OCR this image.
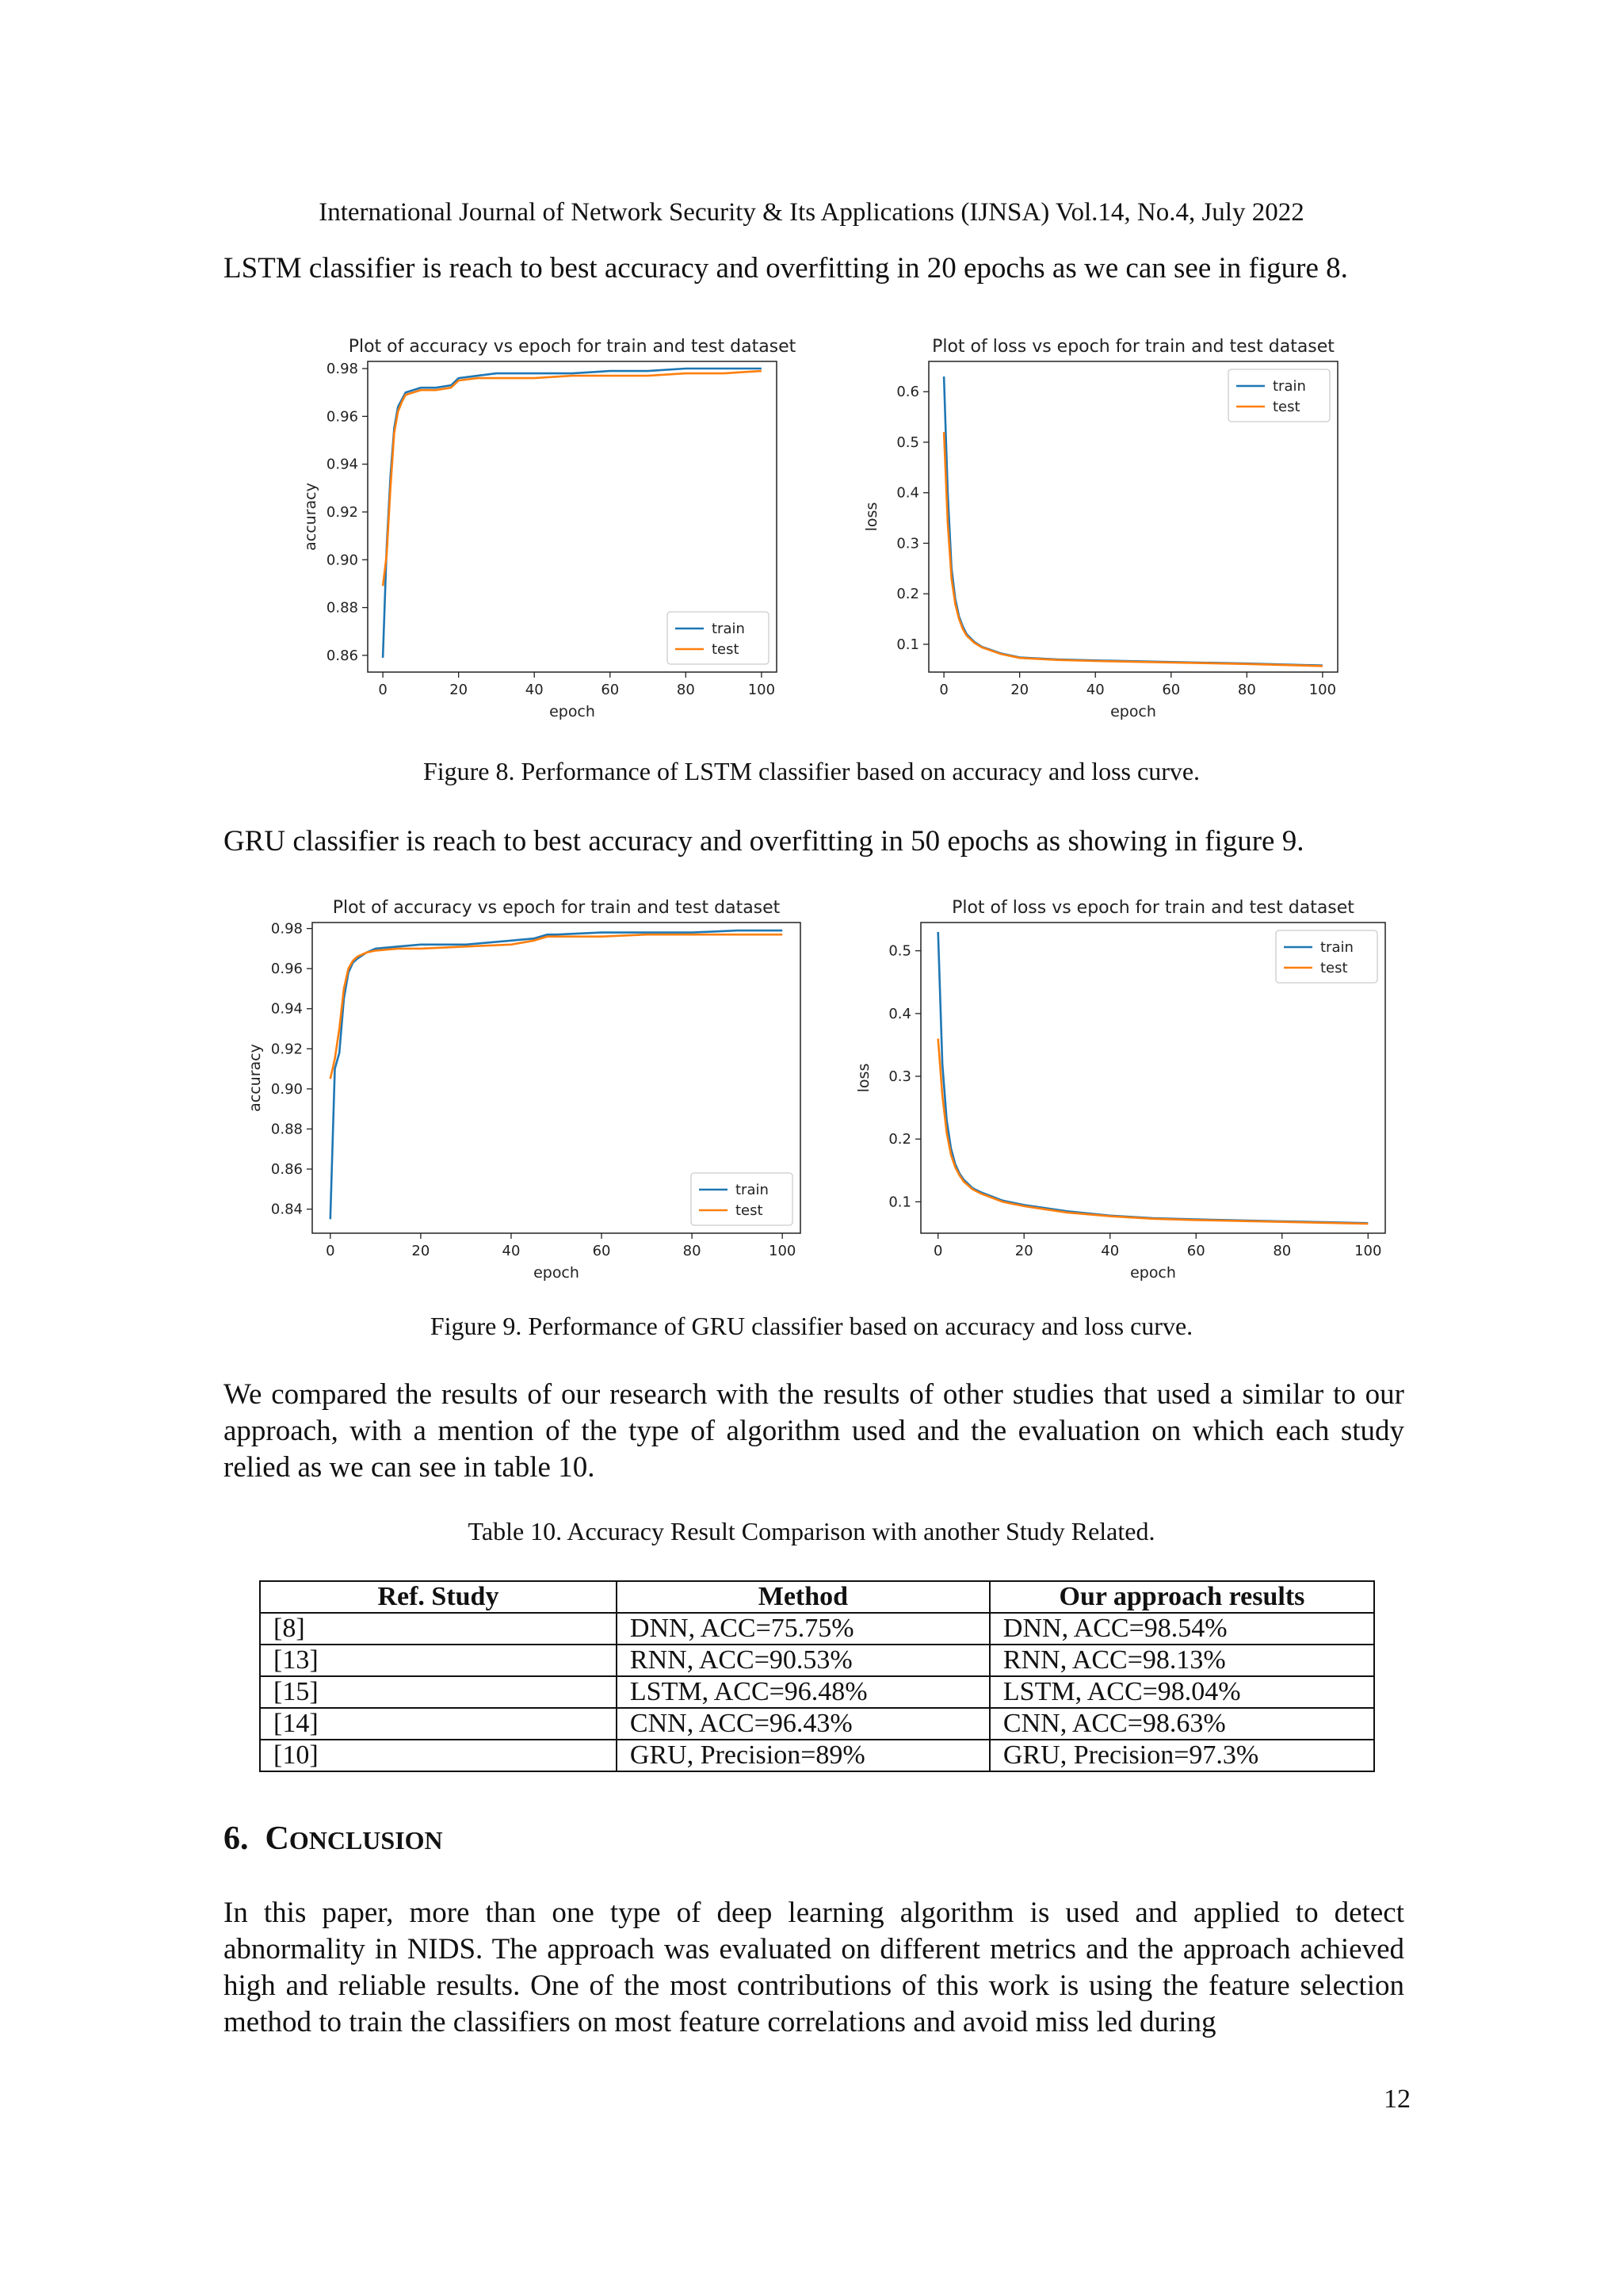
International Journal of Network Security & Its Applications (IJNSA) Vol.14, No.4, July 2022
LSTM classifier is reach to best accuracy and overfitting in 20 epochs as we can see in figure 8.
Plot of accuracy vs epoch for train and test dataset
0	20	40	60	80	100
0.86
0.88
0.90
0.92
0.94
0.96
0.98
epoch
accuracy
train
test
Plot of loss vs epoch for train and test dataset
0	20	40	60	80	100
0.1
0.2
0.3
0.4
0.5
0.6
epoch
loss
train
test
Figure 8. Performance of LSTM classifier based on accuracy and loss curve.
GRU classifier is reach to best accuracy and overfitting in 50 epochs as showing in figure 9.
Plot of accuracy vs epoch for train and test dataset
0	20	40	60	80	100
0.84
0.86
0.88
0.90
0.92
0.94
0.96
0.98
epoch
accuracy
train
test
Plot of loss vs epoch for train and test dataset
0	20	40	60	80	100
0.1
0.2
0.3
0.4
0.5
epoch
loss
train
test
Figure 9. Performance of GRU classifier based on accuracy and loss curve.
We compared the results of our research with the results of other studies that used a similar to our approach, with a mention of the type of algorithm used and the evaluation on which each study relied as we can see in table 10.
Table 10. Accuracy Result Comparison with another Study Related.
Ref. Study	Method	Our approach results
[8]	DNN, ACC=75.75%	DNN, ACC=98.54%
[13]	RNN, ACC=90.53%	RNN, ACC=98.13%
[15]	LSTM, ACC=96.48%	LSTM, ACC=98.04%
[14]	CNN, ACC=96.43%	CNN, ACC=98.63%
[10]	GRU, Precision=89%	GRU, Precision=97.3%
6. CONCLUSION
In this paper, more than one type of deep learning algorithm is used and applied to detect abnormality in NIDS. The approach was evaluated on different metrics and the approach achieved high and reliable results. One of the most contributions of this work is using the feature selection method to train the classifiers on most feature correlations and avoid miss led during
12
